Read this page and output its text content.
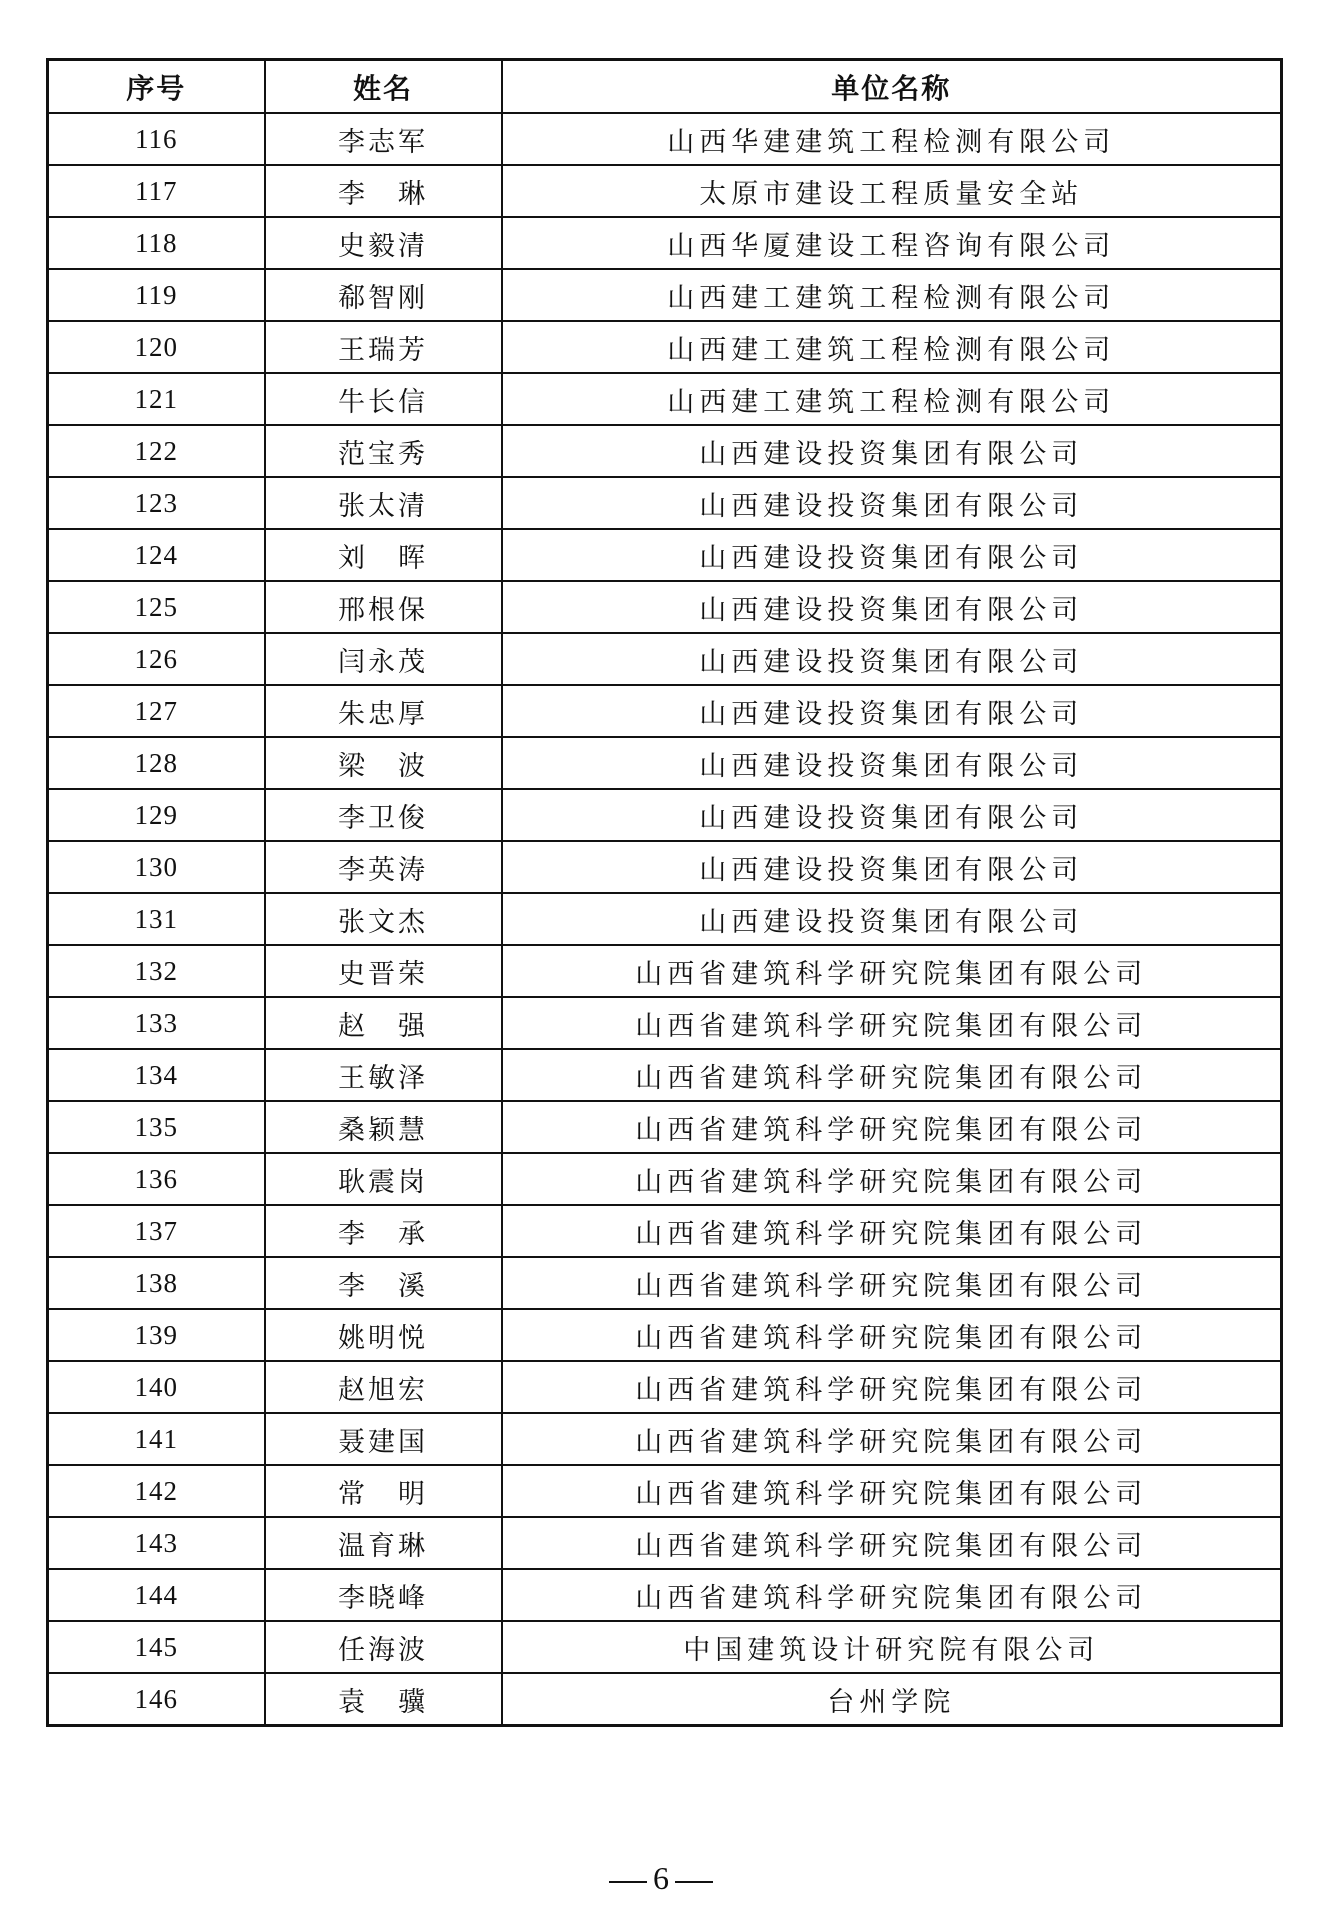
序号	姓名	单位名称
116	李志军	山西华建建筑工程检测有限公司
117	李　琳	太原市建设工程质量安全站
118	史毅清	山西华厦建设工程咨询有限公司
119	郗智刚	山西建工建筑工程检测有限公司
120	王瑞芳	山西建工建筑工程检测有限公司
121	牛长信	山西建工建筑工程检测有限公司
122	范宝秀	山西建设投资集团有限公司
123	张太清	山西建设投资集团有限公司
124	刘　晖	山西建设投资集团有限公司
125	邢根保	山西建设投资集团有限公司
126	闫永茂	山西建设投资集团有限公司
127	朱忠厚	山西建设投资集团有限公司
128	梁　波	山西建设投资集团有限公司
129	李卫俊	山西建设投资集团有限公司
130	李英涛	山西建设投资集团有限公司
131	张文杰	山西建设投资集团有限公司
132	史晋荣	山西省建筑科学研究院集团有限公司
133	赵　强	山西省建筑科学研究院集团有限公司
134	王敏泽	山西省建筑科学研究院集团有限公司
135	桑颖慧	山西省建筑科学研究院集团有限公司
136	耿震岗	山西省建筑科学研究院集团有限公司
137	李　承	山西省建筑科学研究院集团有限公司
138	李　溪	山西省建筑科学研究院集团有限公司
139	姚明悦	山西省建筑科学研究院集团有限公司
140	赵旭宏	山西省建筑科学研究院集团有限公司
141	聂建国	山西省建筑科学研究院集团有限公司
142	常　明	山西省建筑科学研究院集团有限公司
143	温育琳	山西省建筑科学研究院集团有限公司
144	李晓峰	山西省建筑科学研究院集团有限公司
145	任海波	中国建筑设计研究院有限公司
146	袁　骥	台州学院
6
